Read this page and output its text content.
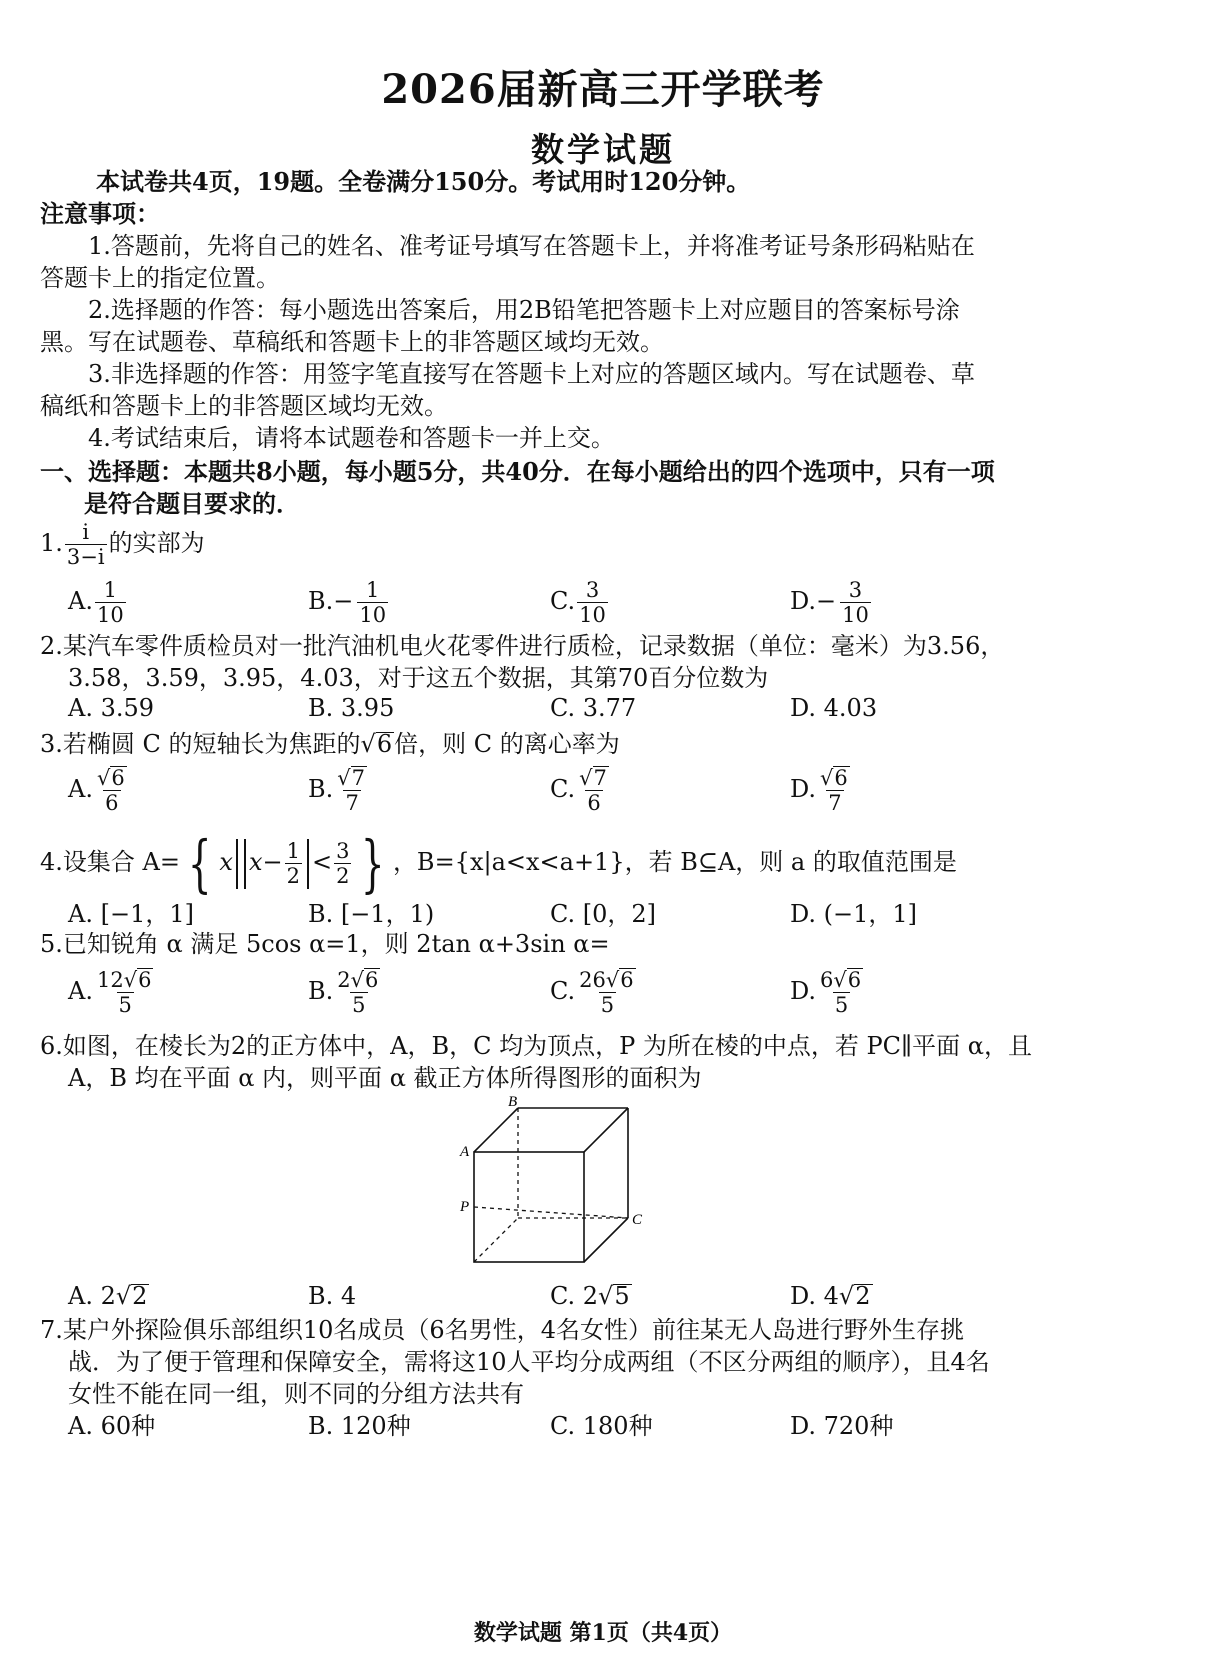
2026届新高三开学联考
数学试题
本试卷共4页，19题。全卷满分150分。考试用时120分钟。
注意事项：
1.答题前，先将自己的姓名、准考证号填写在答题卡上，并将准考证号条形码粘贴在
答题卡上的指定位置。
2.选择题的作答：每小题选出答案后，用2B铅笔把答题卡上对应题目的答案标号涂
黑。写在试题卷、草稿纸和答题卡上的非答题区域均无效。
3.非选择题的作答：用签字笔直接写在答题卡上对应的答题区域内。写在试题卷、草
稿纸和答题卡上的非答题区域均无效。
4.考试结束后，请将本试题卷和答题卡一并上交。
一、选择题：本题共8小题，每小题5分，共40分．在每小题给出的四个选项中，只有一项
是符合题目要求的．
1. $\frac{i}{3-i}$ 的实部为
A. $\frac{1}{10}$	$B.- \frac{1}{10}$	C. $\frac{3}{10}$	$D.- \frac{3}{10}$
2.某汽车零件质检员对一批汽油机电火花零件进行质检，记录数据（单位：毫米）为3.56，
3.58，3.59，3.95，4.03，对于这五个数据，其第70百分位数为
A. 3.59	B. 3.95	C. 3.77	D. 4.03
3.若椭圆 C 的短轴长为焦距的√6倍，则 C 的离心率为
A. $\frac{√6}{6}$	B. $\frac{√7}{7}$	C. $\frac{√7}{6}$	D. $\frac{√6}{7}$
4.设集合 A= { x $x- \frac{1}{2} < \frac{3}{2}$ } ，B={x|a<x<a+1}，若 B⊆A，则 a 的取值范围是
A. [−1，1]	B. [−1，1)	C. [0，2]	D. (−1，1]
5.已知锐角 α 满足 5cos α=1，则 2tan α+3sin α=
A. $\frac{12√6}{5}$	B. $\frac{2√6}{5}$	C. $\frac{26√6}{5}$	D. $\frac{6√6}{5}$
6.如图，在棱长为2的正方体中，A，B，C 均为顶点，P 为所在棱的中点，若 PC∥平面 α，且
A，B 均在平面 α 内，则平面 α 截正方体所得图形的面积为
B
A
P
C
A. 2√2	B. 4	C. 2√5	D. 4√2
7.某户外探险俱乐部组织10名成员（6名男性，4名女性）前往某无人岛进行野外生存挑
战．为了便于管理和保障安全，需将这10人平均分成两组（不区分两组的顺序），且4名
女性不能在同一组，则不同的分组方法共有
A. 60种	B. 120种	C. 180种	D. 720种
数学试题 第1页（共4页）
